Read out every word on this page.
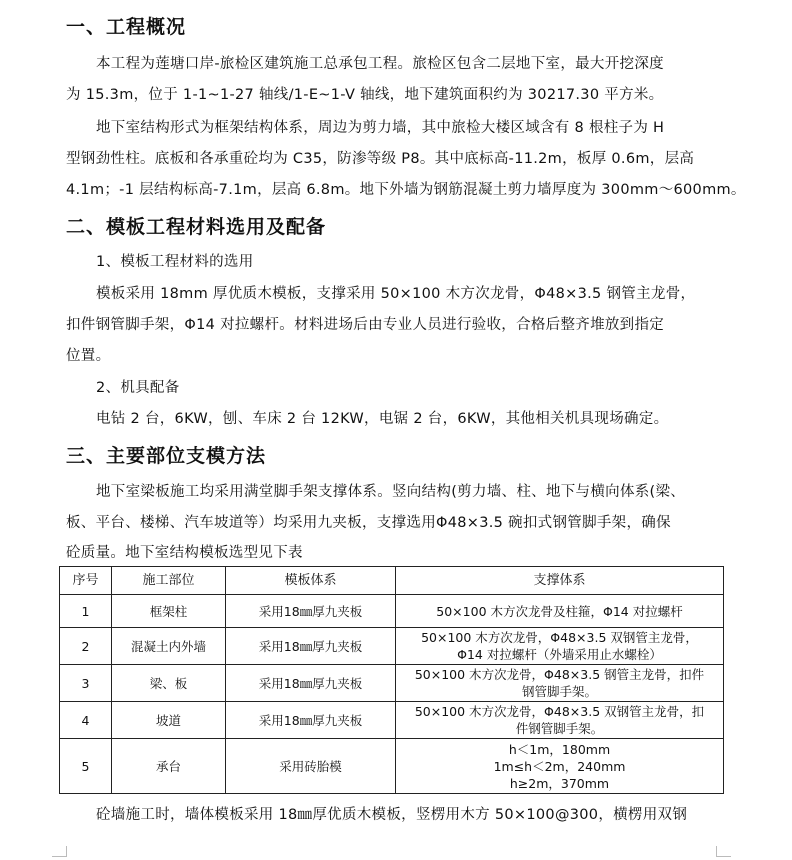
一、工程概况
本工程为莲塘口岸-旅检区建筑施工总承包工程。旅检区包含二层地下室，最大开挖深度
为 15.3m，位于 1-1~1-27 轴线/1-E~1-V 轴线，地下建筑面积约为 30217.30 平方米。
地下室结构形式为框架结构体系，周边为剪力墙，其中旅检大楼区域含有 8 根柱子为 H
型钢劲性柱。底板和各承重砼均为 C35，防渗等级 P8。其中底标高-11.2m，板厚 0.6m，层高
4.1m；-1 层结构标高-7.1m，层高 6.8m。地下外墙为钢筋混凝土剪力墙厚度为 300mm～600mm。
二、模板工程材料选用及配备
1、模板工程材料的选用
模板采用 18mm 厚优质木模板，支撑采用 50×100 木方次龙骨，Φ48×3.5 钢管主龙骨，
扣件钢管脚手架，Φ14 对拉螺杆。材料进场后由专业人员进行验收，合格后整齐堆放到指定
位置。
2、机具配备
电钻 2 台，6KW，刨、车床 2 台 12KW，电锯 2 台，6KW，其他相关机具现场确定。
三、主要部位支模方法
地下室梁板施工均采用满堂脚手架支撑体系。竖向结构(剪力墙、柱、地下与横向体系(梁、
板、平台、楼梯、汽车坡道等）均采用九夹板，支撑选用Φ48×3.5 碗扣式钢管脚手架，确保
砼质量。地下室结构模板选型见下表
序号	施工部位	模板体系	支撑体系
1	框架柱	采用18㎜厚九夹板	50×100 木方次龙骨及柱箍，Φ14 对拉螺杆

2	混凝土内外墙	采用18㎜厚九夹板	50×100 木方次龙骨，Φ48×3.5 双钢管主龙骨，
Φ14 对拉螺杆（外墙采用止水螺栓）

3	梁、板	采用18㎜厚九夹板	50×100 木方次龙骨，Φ48×3.5 钢管主龙骨，扣件
钢管脚手架。

4	坡道	采用18㎜厚九夹板	50×100 木方次龙骨，Φ48×3.5 双钢管主龙骨，扣
件钢管脚手架。

5	承台	采用砖胎模	h＜1m，180mm
1m≤h＜2m，240mm
h≥2m，370mm
砼墙施工时，墙体模板采用 18㎜厚优质木模板，竖楞用木方 50×100@300，横楞用双钢
